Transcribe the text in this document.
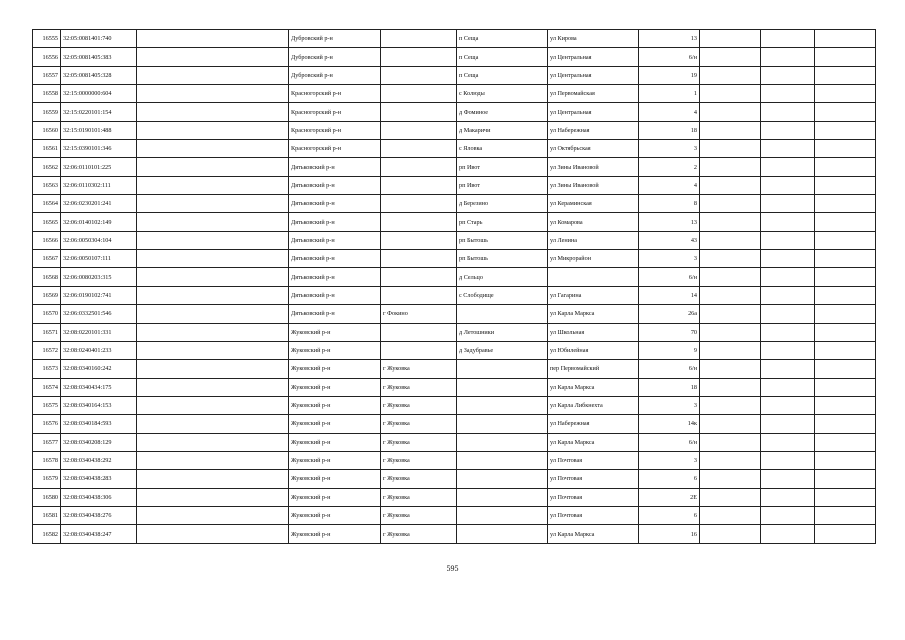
16555	32:05:0081401:740		Дубровский р-н		п Сеща	ул Кирова	13			
16556	32:05:0081405:383		Дубровский р-н		п Сеща	ул Центральная	6/н			
16557	32:05:0081405:328		Дубровский р-н		п Сеща	ул Центральная	19			
16558	32:15:0000000:604		Красногорский р-н		с Колюды	ул Первомайская	1			
16559	32:15:0220101:154		Красногорский р-н		д Фоминое	ул Центральная	4			
16560	32:15:0190101:488		Красногорский р-н		д Макаричи	ул Набережная	18			
16561	32:15:0390101:346		Красногорский р-н		с Яловка	ул Октябрьская	3			
16562	32:06:0110101:225		Дятьковский р-н		рп Ивот	ул Зины Ивановой	2			
16563	32:06:0110302:111		Дятьковский р-н		рп Ивот	ул Зины Ивановой	4			
16564	32:06:0230201:241		Дятьковский р-н		д Березино	ул Кераминская	8			
16565	32:06:0140102:149		Дятьковский р-н		рп Старь	ул Комарова	13			
16566	32:06:0050304:104		Дятьковский р-н		рп Бытошь	ул Ленина	43			
16567	32:06:0050107:111		Дятьковский р-н		рп Бытошь	ул Микрорайон	3			
16568	32:06:0080203:315		Дятьковский р-н		д Сельцо		6/н			
16569	32:06:0190102:741		Дятьковский р-н		с Слободище	ул Гагарина	14			
16570	32:06:0332501:546		Дятьковский р-н	г Фокино		ул Карла Маркса	26а			
16571	32:08:0220101:331		Жуковский р-н		д Летошники	ул Школьная	70			
16572	32:08:0240401:233		Жуковский р-н		д Задубравье	ул Юбилейная	9			
16573	32:08:0340160:242		Жуковский р-н	г Жуковка		пер Первомайский	6/н			
16574	32:08:0340434:175		Жуковский р-н	г Жуковка		ул Карла Маркса	18			
16575	32:08:0340164:153		Жуковский р-н	г Жуковка		ул Карла Либкнехта	3			
16576	32:08:0340184:593		Жуковский р-н	г Жуковка		ул Набережная	14к			
16577	32:08:0340208:129		Жуковский р-н	г Жуковка		ул Карла Маркса	6/н			
16578	32:08:0340438:292		Жуковский р-н	г Жуковка		ул Почтовая	3			
16579	32:08:0340438:283		Жуковский р-н	г Жуковка		ул Почтовая	6			
16580	32:08:0340438:306		Жуковский р-н	г Жуковка		ул Почтовая	2Е			
16581	32:08:0340438:276		Жуковский р-н	г Жуковка		ул Почтовая	6			
16582	32:08:0340438:247		Жуковский р-н	г Жуковка		ул Карла Маркса	16			
595
